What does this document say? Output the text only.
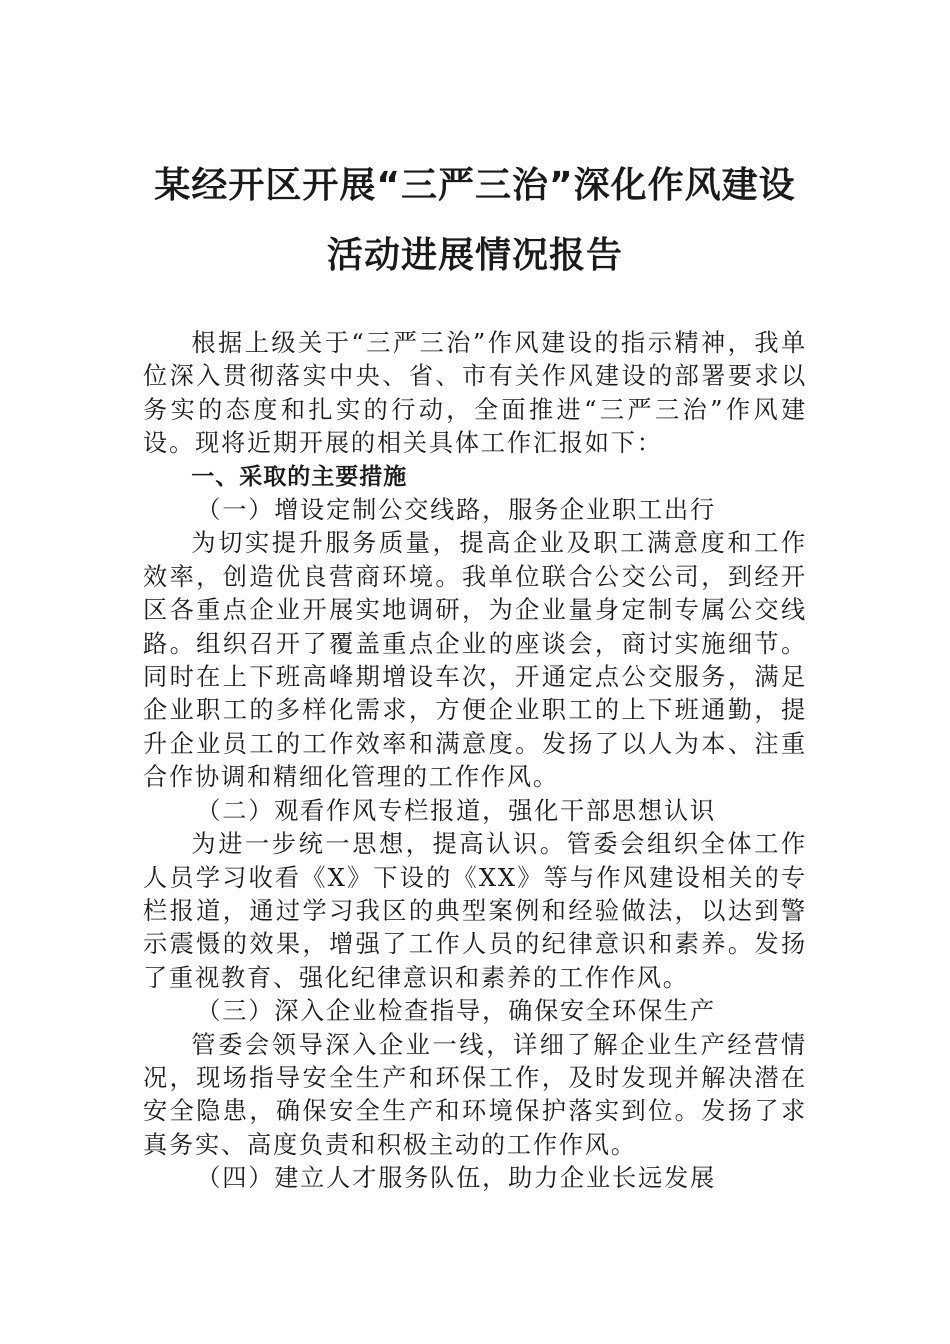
某经开区开展“三严三治”深化作风建设
活动进展情况报告

根据上级关于“三严三治”作风建设的指示精神，我单位深入贯彻落实中央、省、市有关作风建设的部署要求以务实的态度和扎实的行动，全面推进“三严三治”作风建设。现将近期开展的相关具体工作汇报如下：

一、采取的主要措施

（一）增设定制公交线路，服务企业职工出行

为切实提升服务质量，提高企业及职工满意度和工作效率，创造优良营商环境。我单位联合公交公司，到经开区各重点企业开展实地调研，为企业量身定制专属公交线路。组织召开了覆盖重点企业的座谈会，商讨实施细节。同时在上下班高峰期增设车次，开通定点公交服务，满足企业职工的多样化需求，方便企业职工的上下班通勤，提升企业员工的工作效率和满意度。发扬了以人为本、注重合作协调和精细化管理的工作作风。

（二）观看作风专栏报道，强化干部思想认识

为进一步统一思想，提高认识。管委会组织全体工作人员学习收看《X》下设的《XX》等与作风建设相关的专栏报道，通过学习我区的典型案例和经验做法，以达到警示震慑的效果，增强了工作人员的纪律意识和素养。发扬了重视教育、强化纪律意识和素养的工作作风。

（三）深入企业检查指导，确保安全环保生产

管委会领导深入企业一线，详细了解企业生产经营情况，现场指导安全生产和环保工作，及时发现并解决潜在安全隐患，确保安全生产和环境保护落实到位。发扬了求真务实、高度负责和积极主动的工作作风。

（四）建立人才服务队伍，助力企业长远发展
